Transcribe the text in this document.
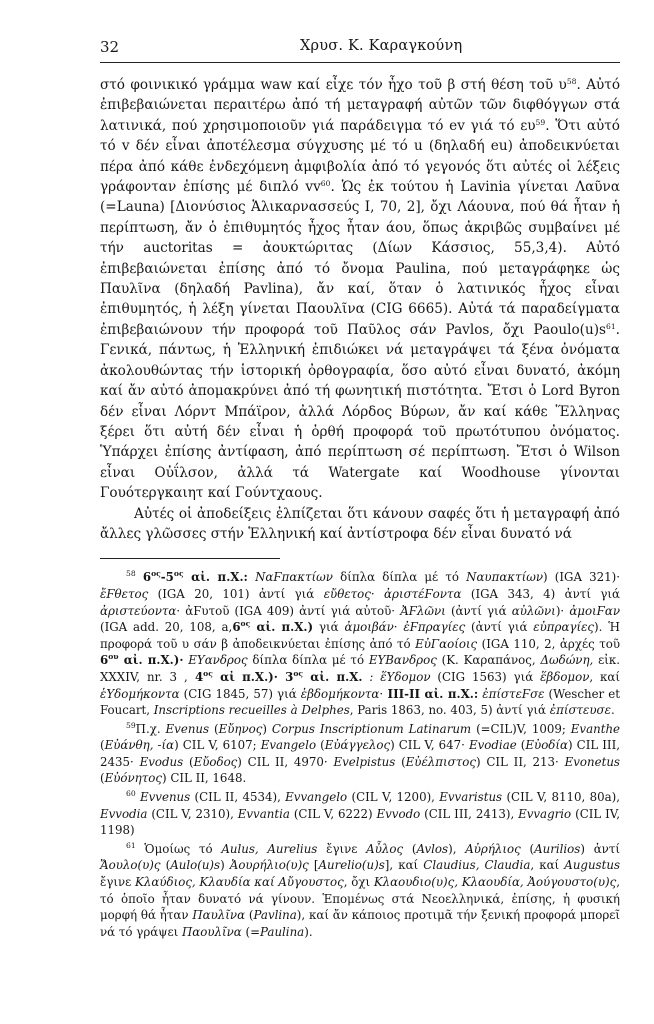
32	Χρυσ. Κ. Καραγκούνη

στό φοινικικό γράμμα waw καί εἶχε τόν ἦχο τοῦ β στή θέση τοῦ $\upsilon^{58}$. Αὐτό ἐπιβεβαιώνεται περαιτέρω ἀπό τή μεταγραφή αὐτῶν τῶν διφθόγγων στά λατινικά, πού χρησιμοποιοῦν γιά παράδειγμα τό ev γιά τό $\varepsilon\upsilon^{59}$. Ὅτι αὐτό τό v δέν εἶναι ἀποτέλεσμα σύγχυσης μέ τό u (δηλαδή eu) ἀποδεικνύεται πέρα ἀπό κάθε ἐνδεχόμενη ἀμφιβολία ἀπό τό γεγονός ὅτι αὐτές οἱ λέξεις γράφονταν ἐπίσης μέ διπλό $vv^{60}$. Ὡς ἐκ τούτου ἡ Lavinia γίνεται Λαῦνα (=Launa) [Διονύσιος Ἁλικαρνασσεύς I, 70, 2], ὄχι Λάουνα, πού θά ἦταν ἡ περίπτωση, ἄν ὁ ἐπιθυμητός ἦχος ἦταν άου, ὅπως ἀκριβῶς συμβαίνει μέ τήν auctoritas = ἀουκτώριτας (Δίων Κάσσιος, 55,3,4). Αὐτό ἐπιβεβαιώνεται ἐπίσης ἀπό τό ὄνομα Paulina, πού μεταγράφηκε ὡς Παυλῖνα (δηλαδή Pavlina), ἄν καί, ὅταν ὁ λατινικός ἦχος εἶναι ἐπιθυμητός, ἡ λέξη γίνεται Παουλῖνα (CIG 6665). Αὐτά τά παραδείγματα ἐπιβεβαιώνουν τήν προφορά τοῦ Παῦλος σάν Pavlos, ὄχι $Paoulo(u)s^{61}$. Γενικά, πάντως, ἡ Ἑλληνική ἐπιδιώκει νά μεταγράψει τά ξένα ὀνόματα ἀκολουθώντας τήν ἱστορική ὀρθογραφία, ὅσο αὐτό εἶναι δυνατό, ἀκόμη καί ἄν αὐτό ἀπομακρύνει ἀπό τή φωνητική πιστότητα. Ἔτσι ὁ Lord Byron δέν εἶναι Λόρντ Μπάϊρον, ἀλλά Λόρδος Βύρων, ἄν καί κάθε Ἕλληνας ξέρει ὅτι αὐτή δέν εἶναι ἡ ὀρθή προφορά τοῦ πρωτότυπου ὀνόματος. Ὑπάρχει ἐπίσης ἀντίφαση, ἀπό περίπτωση σέ περίπτωση. Ἔτσι ὁ Wilson εἶναι Οὐΐλσον, ἀλλά τά Watergate καί Woodhouse γίνονται Γουότεργκαιητ καί Γούντχαους.

Αὐτές οἱ ἀποδείξεις ἐλπίζεται ὅτι κάνουν σαφές ὅτι ἡ μεταγραφή ἀπό ἄλλες γλῶσσες στήν Ἑλληνική καί ἀντίστροφα δέν εἶναι δυνατό νά

$^{58}$ $6^{o\varsigma}-5^{o\varsigma}$ αἰ. π.Χ.: ΝαϜπακτίων δίπλα δίπλα μέ τό Ναυπακτίων) (IGA 321)· ἔϜθετος (IGA 20, 101) ἀντί γιά εὔθετος· ἀριστέϜοντα (IGA 343, 4) ἀντί γιά ἀριστεύοντα· ἀϜυτοῦ (IGA 409) ἀντί γιά αὐτοῦ· ἈϜλῶνι (ἀντί γιά αὐλῶνι)· ἀμοιϜαν (IGA add. 20, 108, $a,6^{o\varsigma}$ αἰ. π.Χ.) γιά ἀμοιβάν· ἐϜπραγίες (ἀντί γιά εὐπραγίες). Ἡ προφορά τοῦ υ σάν β ἀποδεικνύεται ἐπίσης ἀπό τό ΕὐΓαοίοις (IGA 110, 2, ἀρχές τοῦ $6^{o\upsilon}$ αἰ. π.Χ.)· ΕΥανδρος δίπλα δίπλα μέ τό ΕΥΒανδρος (Κ. Καραπάνος, Δωδώνη, εἰκ. XXXIV, nr. 3 , $4^{o\varsigma}$ αἰ $\pi.X.)\cdot 3^{o\varsigma}$ αἰ. π.Χ. : ἕΥδομον (CIG 1563) γιά ἕβδομον, καί ἑΥδομήκοντα (CIG 1845, 57) γιά ἑβδομήκοντα· III-II αἰ. π.Χ.: ἐπίστεϜσε (Wescher et Foucart, Inscriptions recueilles à Delphes, Paris 1863, no. 403, 5) ἀντί γιά ἐπίστευσε.

$^{59}$Π.χ. Evenus (Εὔηνος) Corpus Inscriptionum Latinarum (=CIL)V, 1009; Evanthe (Εὐάνθη, -ία) CIL V, 6107; Evangelo (Εὐάγγελος) CIL V, 647· Evodiae (Εὐοδία) CIL III, 2435· Evodus (Εὔοδος) CIL II, 4970· Evelpistus (Εὐέλπιστος) CIL II, 213· Evonetus (Εὐόνητος) CIL II, 1648.

$^{60}$ Evvenus (CIL II, 4534), Evvangelo (CIL V, 1200), Evvaristus (CIL V, 8110, 80a), Evvodia (CIL V, 2310), Evvantia (CIL V, 6222) Evvodo (CIL III, 2413), Evvagrio (CIL IV, 1198)

$^{61}$ Ὁμοίως τό Aulus, Aurelius ἔγινε Αὖλος (Avlos), Αὐρήλιος (Aurilios) ἀντί Ἄουλο(υ)ς (Aulo(u)s) Ἀουρήλιο(υ)ς [Aurelio(u)s], καί Claudius, Claudia, καί Augustus ἔγινε Κλαύδιος, Κλαυδία καί Αὔγουστος, ὄχι Κλαουδιο(υ)ς, Κλαουδία, Ἀούγουστο(υ)ς, τό ὁποῖο ἦταν δυνατό νά γίνουν. Ἑπομένως στά Νεοελληνικά, ἐπίσης, ἡ φυσική μορφή θά ἦταν Παυλῖνα (Pavlina), καί ἄν κάποιος προτιμᾶ τήν ξενική προφορά μπορεῖ νά τό γράψει Παουλῖνα (=Paulina).
